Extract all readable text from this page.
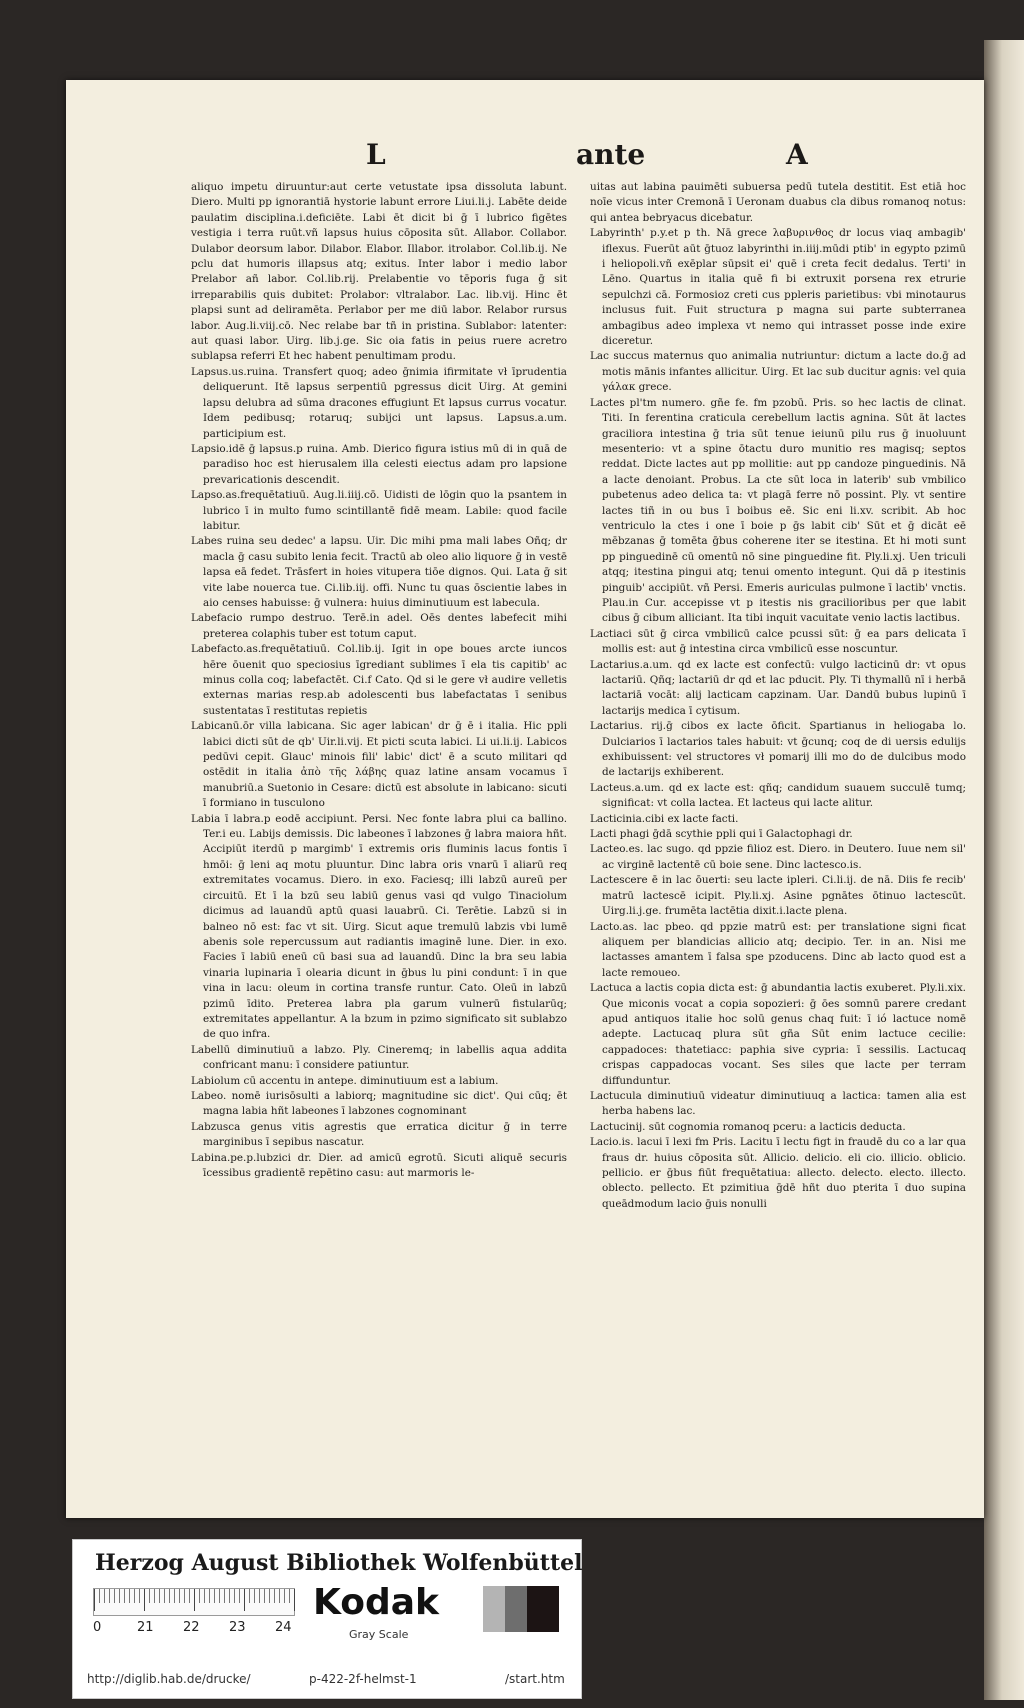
L	ante	A

aliquo impetu diruuntur:aut certe vetustate ipsa dissoluta labunt. Diero. Multi pp ignorantiā hystorie labunt errore Liui.li.j. Labēte deide paulatim disciplina.i.deficiēte. Labi ēt dicit bi ḡ ī lubrico figētes vestigia i terra ruūt.vñ lapsus huius cōposita sūt. Allabor. Collabor. Dulabor deorsum labor. Dilabor. Elabor. Illabor. itrolabor. Col.lib.ij. Ne pclu dat humoris illapsus atq; exitus. Inter labor i medio labor Prelabor añ labor. Col.lib.rij. Prelabentie vo tēporis fuga ḡ sit irreparabilis quis dubitet: Prolabor: vltralabor. Lac. lib.vij. Hinc ēt plapsi sunt ad deliramēta. Perlabor per me diū labor. Relabor rursus labor. Aug.li.viij.cō. Nec relabe bar tñ in pristina. Sublabor: latenter: aut quasi labor. Uirg. lib.j.ge. Sic oia fatis in peius ruere acretro sublapsa referri Et hec habent penultimam produ.

Lapsus.us.ruina. Transfert quoq; adeo ḡnimia ifirmitate vł īprudentia deliquerunt. Itē lapsus serpentiū pgressus dicit Uirg. At gemini lapsu delubra ad sūma dracones effugiunt Et lapsus currus vocatur. Idem pedibusq; rotaruq; subijci unt lapsus. Lapsus.a.um. participium est.

Lapsio.idē ḡ lapsus.p ruina. Amb. Dierico figura istius mū di in quā de paradiso hoc est hierusalem illa celesti eiectus adam pro lapsione prevaricationis descendit.

Lapso.as.frequētatiuū. Aug.li.iiij.cō. Uidisti de lōgin quo la psantem in lubrico ī in multo fumo scintillantē fidē meam. Labile: quod facile labitur.

Labes ruina seu dedec' a lapsu. Uir. Dic mihi pma mali labes Oñq; dr macla ḡ casu subito lenia fecit. Tractū ab oleo alio liquore ḡ in vestē lapsa eā fedet. Trāsfert in hoies vitupera tiōe dignos. Qui. Lata ḡ sit vite labe nouerca tue. Ci.lib.iij. offi. Nunc tu quas ōscientie labes in aio censes habuisse: ḡ vulnera: huius diminutiuum est labecula.

Labefacio rumpo destruo. Terē.in adel. Oēs dentes labefecit mihi preterea colaphis tuber est totum caput.

Labefacto.as.frequētatiuū. Col.lib.ij. Igit in ope boues arcte iuncos hēre ōuenit quo speciosius īgrediant sublimes ī ela tis capitib' ac minus colla coq; labefactēt. Ci.f Cato. Qd si le gere vł audire velletis externas marias resp.ab adolescenti bus labefactatas ī senibus sustentatas ī restitutas repietis

Labicanū.ōr villa labicana. Sic ager labican' dr ḡ ē i italia. Hic ppli labici dicti sūt de qb' Uir.li.vij. Et picti scuta labici. Li ui.li.ij. Labicos pedūvi cepit. Glauc' minois fili' labic' dict' ē a scuto militari qd ostēdit in italia ἀπὸ τῆς λάβης quaz latine ansam vocamus ī manubriū.a Suetonio in Cesare: dictū est absolute in labicano: sicuti ī formiano in tusculono

Labia ī labra.p eodē accipiunt. Persi. Nec fonte labra plui ca ballino. Ter.i eu. Labijs demissis. Dic labeones ī labzones ḡ labra maiora hñt. Accipiūt iterdū p margimb' ī extremis oris fluminis lacus fontis ī hmōi: ḡ leni aq motu pluuntur. Dinc labra oris vnarū ī aliarū req extremitates vocamus. Diero. in exo. Faciesq; illi labzū aureū per circuitū. Et ī la bzū seu labiū genus vasi qd vulgo Tinaciolum dicimus ad lauandū aptū quasi lauabrū. Ci. Terētie. Labzū si in balneo nō est: fac vt sit. Uirg. Sicut aque tremulū labzis vbi lumē abenis sole repercussum aut radiantis imaginē lune. Dier. in exo. Facies ī labiū eneū cū basi sua ad lauandū. Dinc la bra seu labia vinaria lupinaria ī olearia dicunt in ḡbus lu pini condunt: ī in que vina in lacu: oleum in cortina transfe runtur. Cato. Oleū in labzū pzimū īdito. Preterea labra pla garum vulnerū fistularūq; extremitates appellantur. A la bzum in pzimo significato sit sublabzo de quo infra.

Labellū diminutiuū a labzo. Ply. Cineremq; in labellis aqua addita confricant manu: ī considere patiuntur.

Labiolum cū accentu in antepe. diminutiuum est a labium.

Labeo. nomē iurisōsulti a labiorq; magnitudine sic dict'. Qui cūq; ēt magna labia hñt labeones ī labzones cognominant

Labzusca genus vitis agrestis que erratica dicitur ḡ in terre marginibus ī sepibus nascatur.

Labina.pe.p.lubzici dr. Dier. ad amicū egrotū. Sicuti aliquē securis īcessibus gradientē repētino casu: aut marmoris le-

uitas aut labina pauimēti subuersa pedū tutela destitit. Est etiā hoc noīe vicus inter Cremonā ī Ueronam duabus cla dibus romanoq notus: qui antea bebryacus dicebatur.

Labyrinth' p.y.et p th. Nā grece λαβυρινθος dr locus viaq ambagib' iflexus. Fuerūt aūt ḡtuoz labyrinthi in.iiij.mūdi ptib' in egypto pzimū i heliopoli.vñ exēplar sūpsit ei' quē i creta fecit dedalus. Terti' in Lēno. Quartus in italia quē fi bi extruxit porsena rex etrurie sepulchzi cā. Formosioz creti cus ppleris parietibus: vbi minotaurus inclusus fuit. Fuit structura p magna sui parte subterranea ambagibus adeo implexa vt nemo qui intrasset posse inde exire diceretur.

Lac succus maternus quo animalia nutriuntur: dictum a lacte do.ḡ ad motis mānis infantes allicitur. Uirg. Et lac sub ducitur agnis: vel quia γάλακ grece.

Lactes pl'tm numero. gñe fe. fm pzobū. Pris. so hec lactis de clinat. Titi. In ferentina craticula cerebellum lactis agnina. Sūt āt lactes graciliora intestina ḡ tria sūt tenue ieiunū pilu rus ḡ inuoluunt mesenterio: vt a spine ōtactu duro munitio res magisq; septos reddat. Dicte lactes aut pp mollitie: aut pp candoze pinguedinis. Nā a lacte denoiant. Probus. La cte sūt loca in laterib' sub vmbilico pubetenus adeo delica ta: vt plagā ferre nō possint. Ply. vt sentire lactes tiñ in ou bus ī boibus eē. Sic eni li.xv. scribit. Ab hoc ventriculo la ctes i one ī boie p ḡs labit cib' Sūt et ḡ dicāt eē mēbzanas ḡ tomēta ḡbus coherene iter se itestina. Et hi moti sunt pp pinguedinē cū omentū nō sine pinguedine fit. Ply.li.xj. Uen triculi atqq; itestina pingui atq; tenui omento integunt. Qui dā p itestinis pinguib' accipiūt. vñ Persi. Emeris auriculas pulmone ī lactib' vnctis. Plau.in Cur. accepisse vt p itestis nis gracilioribus per que labit cibus ḡ cibum alliciant. Ita tibi inquit vacuitate venio lactis lactibus.

Lactiaci sūt ḡ circa vmbilicū calce pcussi sūt: ḡ ea pars delicata ī mollis est: aut ḡ intestina circa vmbilicū esse noscuntur.

Lactarius.a.um. qd ex lacte est confectū: vulgo lacticinū dr: vt opus lactariū. Qñq; lactariū dr qd et lac pducit. Ply. Ti thymallū nī i herbā lactariā vocāt: alij lacticam capzinam. Uar. Dandū bubus lupinū ī lactarijs medica ī cytisum.

Lactarius. rij.ḡ cibos ex lacte ōficit. Spartianus in heliogaba lo. Dulciarios ī lactarios tales habuit: vt ḡcunq; coq de di uersis edulijs exhibuissent: vel structores vł pomarij illi mo do de dulcibus modo de lactarijs exhiberent.

Lacteus.a.um. qd ex lacte est: qñq; candidum suauem succulē tumq; significat: vt colla lactea. Et lacteus qui lacte alitur.

Lacticinia.cibi ex lacte facti.

Lacti phagi ḡdā scythie ppli qui ī Galactophagi dr.

Lacteo.es. lac sugo. qd ppzie filioz est. Diero. in Deutero. Iuue nem sil' ac virginē lactentē cū boie sene. Dinc lactesco.is.

Lactescere ē in lac ōuerti: seu lacte ipleri. Ci.li.ij. de nā. Diis fe recib' matrū lactescē icipit. Ply.li.xj. Asine pgnātes ōtinuo lactescūt. Uirg.li.j.ge. frumēta lactētia dixit.i.lacte plena.

Lacto.as. lac pbeo. qd ppzie matrū est: per translatione signi ficat aliquem per blandicias allicio atq; decipio. Ter. in an. Nisi me lactasses amantem ī falsa spe pzoducens. Dinc ab lacto quod est a lacte remoueo.

Lactuca a lactis copia dicta est: ḡ abundantia lactis exuberet. Ply.li.xix. Que miconis vocat a copia sopozieri: ḡ ōes somnū parere credant apud antiquos italie hoc solū genus chaq fuit: ī ió lactuce nomē adepte. Lactucaq plura sūt gña Sūt enim lactuce cecilie: cappadoces: thatetiacc: paphia sive cypria: ī sessilis. Lactucaq crispas cappadocas vocant. Ses siles que lacte per terram diffunduntur.

Lactucula diminutiuū videatur diminutiuuq a lactica: tamen alia est herba habens lac.

Lactucinij. sūt cognomia romanoq pceru: a lacticis deducta.

Lacio.is. lacui ī lexi fm Pris. Lacitu ī lectu figt in fraudē du co a lar qua fraus dr. huius cōposita sūt. Allicio. delicio. eli cio. illicio. oblicio. pellicio. er ḡbus fiūt frequētatiua: allecto. delecto. electo. illecto. oblecto. pellecto. Et pzimitiua ḡdē hñt duo pterita ī duo supina queādmodum lacio ḡuis nonulli

Herzog August Bibliothek Wolfenbüttel
0	21 22 23 24
Kodak
Gray Scale
http://diglib.hab.de/drucke/	p-422-2f-helmst-1	/start.htm
